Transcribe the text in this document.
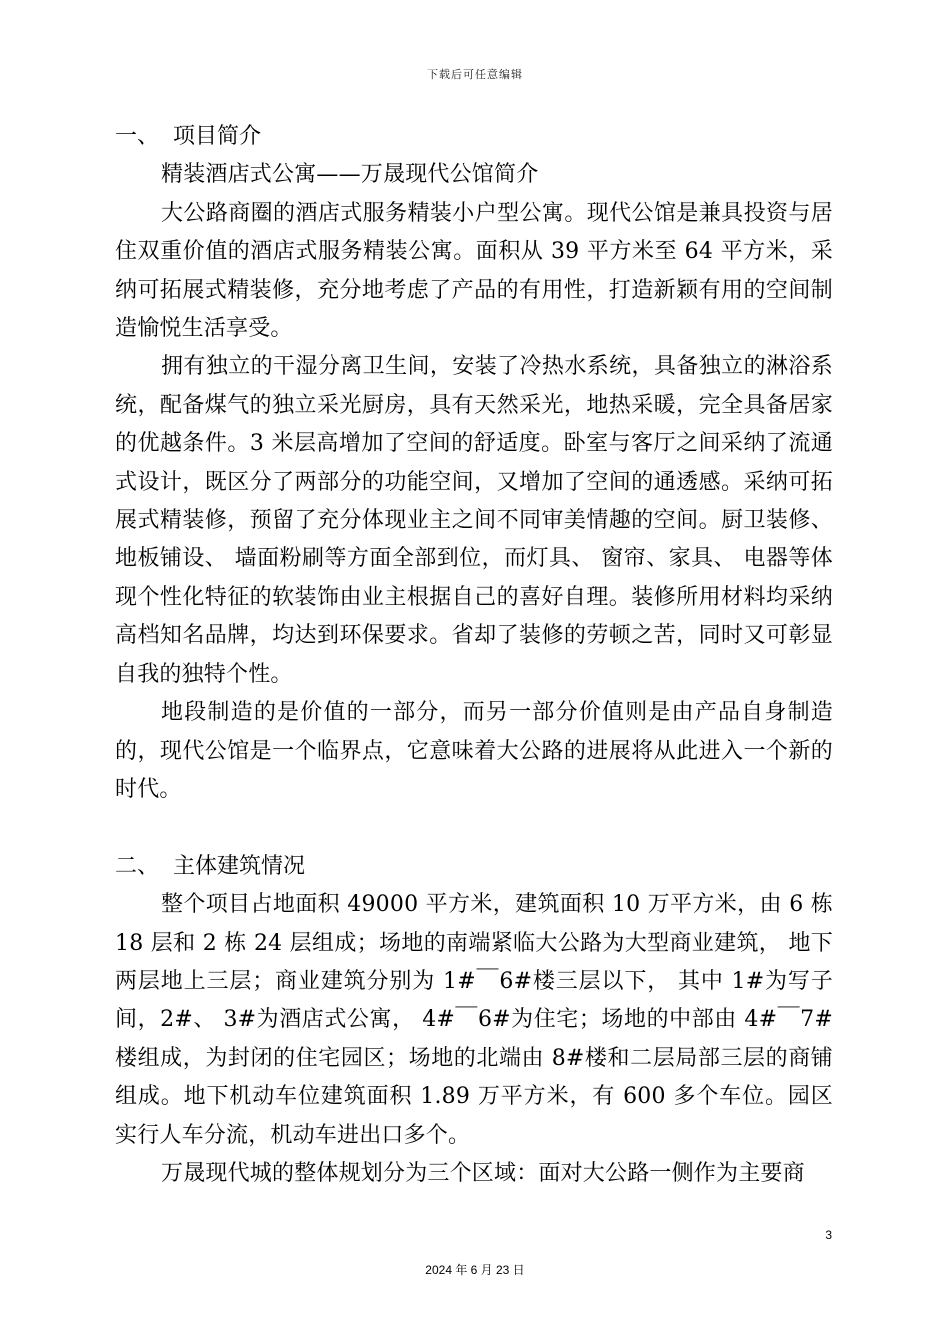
下载后可任意编辑
一、 项目简介

精装酒店式公寓——万晟现代公馆简介

大公路商圈的酒店式服务精装小户型公寓。现代公馆是兼具投资与居住双重价值的酒店式服务精装公寓。面积从 39 平方米至 64 平方米，采纳可拓展式精装修，充分地考虑了产品的有用性，打造新颖有用的空间制造愉悦生活享受。

拥有独立的干湿分离卫生间，安装了冷热水系统，具备独立的淋浴系统，配备煤气的独立采光厨房，具有天然采光，地热采暖，完全具备居家的优越条件。3 米层高增加了空间的舒适度。卧室与客厅之间采纳了流通式设计，既区分了两部分的功能空间，又增加了空间的通透感。采纳可拓展式精装修，预留了充分体现业主之间不同审美情趣的空间。厨卫装修、 地板铺设、 墙面粉刷等方面全部到位，而灯具、 窗帘、家具、 电器等体现个性化特征的软装饰由业主根据自己的喜好自理。装修所用材料均采纳高档知名品牌，均达到环保要求。省却了装修的劳顿之苦，同时又可彰显自我的独特个性。

地段制造的是价值的一部分，而另一部分价值则是由产品自身制造的，现代公馆是一个临界点，它意味着大公路的进展将从此进入一个新的时代。

二、 主体建筑情况

整个项目占地面积 49000 平方米，建筑面积 10 万平方米，由 6 栋 18 层和 2 栋 24 层组成；场地的南端紧临大公路为大型商业建筑， 地下两层地上三层；商业建筑分别为 1#￣6#楼三层以下， 其中 1#为写子间，2#、 3#为酒店式公寓， 4#￣6#为住宅；场地的中部由 4#￣7#楼组成，为封闭的住宅园区；场地的北端由 8#楼和二层局部三层的商铺组成。地下机动车位建筑面积 1.89 万平方米，有 600 多个车位。园区实行人车分流，机动车进出口多个。

万晟现代城的整体规划分为三个区域：面对大公路一侧作为主要商

3
2024 年 6 月 23 日
